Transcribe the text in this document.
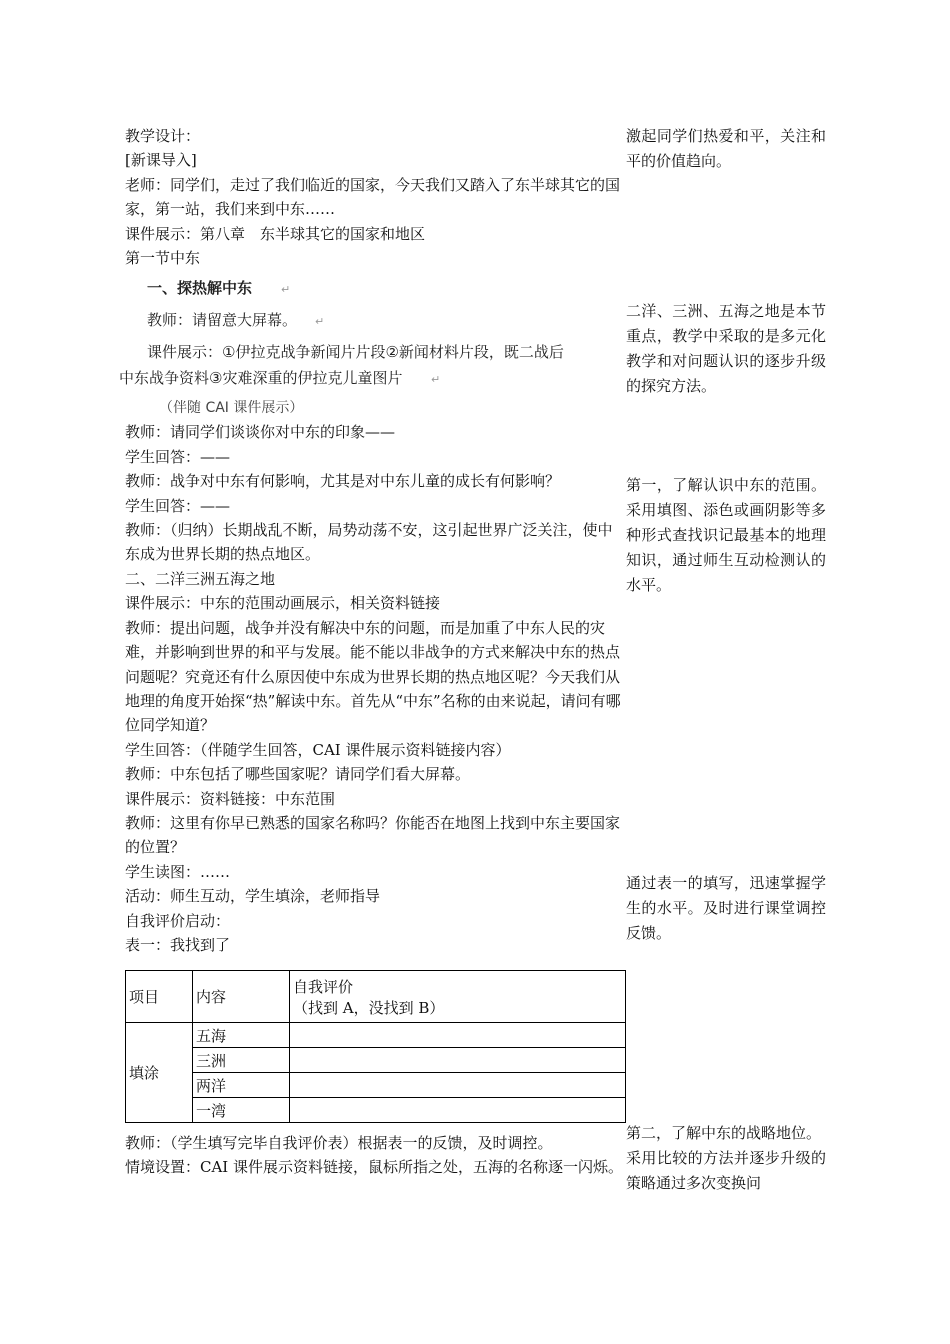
教学设计：

[新课导入]

老师：同学们，走过了我们临近的国家，今天我们又踏入了东半球其它的国家，第一站，我们来到中东……

课件展示：第八章　东半球其它的国家和地区

第一节中东

一、探热解中东	↵
教师：请留意大屏幕。 ↵
课件展示：①伊拉克战争新闻片片段②新闻材料片段，既二战后
中东战争资料③灾难深重的伊拉克儿童图片	↵
（伴随 CAI 课件展示）

教师：请同学们谈谈你对中东的印象——

学生回答：——

教师：战争对中东有何影响，尤其是对中东儿童的成长有何影响？

学生回答：——

教师：（归纳）长期战乱不断，局势动荡不安，这引起世界广泛关注，使中东成为世界长期的热点地区。

二、二洋三洲五海之地

课件展示：中东的范围动画展示，相关资料链接

教师：提出问题，战争并没有解决中东的问题，而是加重了中东人民的灾难，并影响到世界的和平与发展。能不能以非战争的方式来解决中东的热点问题呢？究竟还有什么原因使中东成为世界长期的热点地区呢？今天我们从地理的角度开始探“热”解读中东。首先从“中东”名称的由来说起，请问有哪位同学知道？

学生回答：（伴随学生回答，CAI 课件展示资料链接内容）

教师：中东包括了哪些国家呢？请同学们看大屏幕。

课件展示：资料链接：中东范围

教师：这里有你早已熟悉的国家名称吗？你能否在地图上找到中东主要国家的位置？

学生读图：……

活动：师生互动，学生填涂，老师指导

自我评价启动：

表一：我找到了

项目	内容	自我评价
（找到 A，没找到 B）

填涂	五海	
	三洲	
	两洋	
	一湾	

教师：（学生填写完毕自我评价表）根据表一的反馈，及时调控。

情境设置：CAI 课件展示资料链接，鼠标所指之处，五海的名称逐一闪烁。

激起同学们热爱和平，关注和平的价值趋向。

二洋、三洲、五海之地是本节重点，教学中采取的是多元化教学和对问题认识的逐步升级的探究方法。

第一，了解认识中东的范围。采用填图、添色或画阴影等多种形式查找识记最基本的地理知识，通过师生互动检测认的水平。

通过表一的填写，迅速掌握学生的水平。及时进行课堂调控反馈。

第二，了解中东的战略地位。

采用比较的方法并逐步升级的策略通过多次变换问
